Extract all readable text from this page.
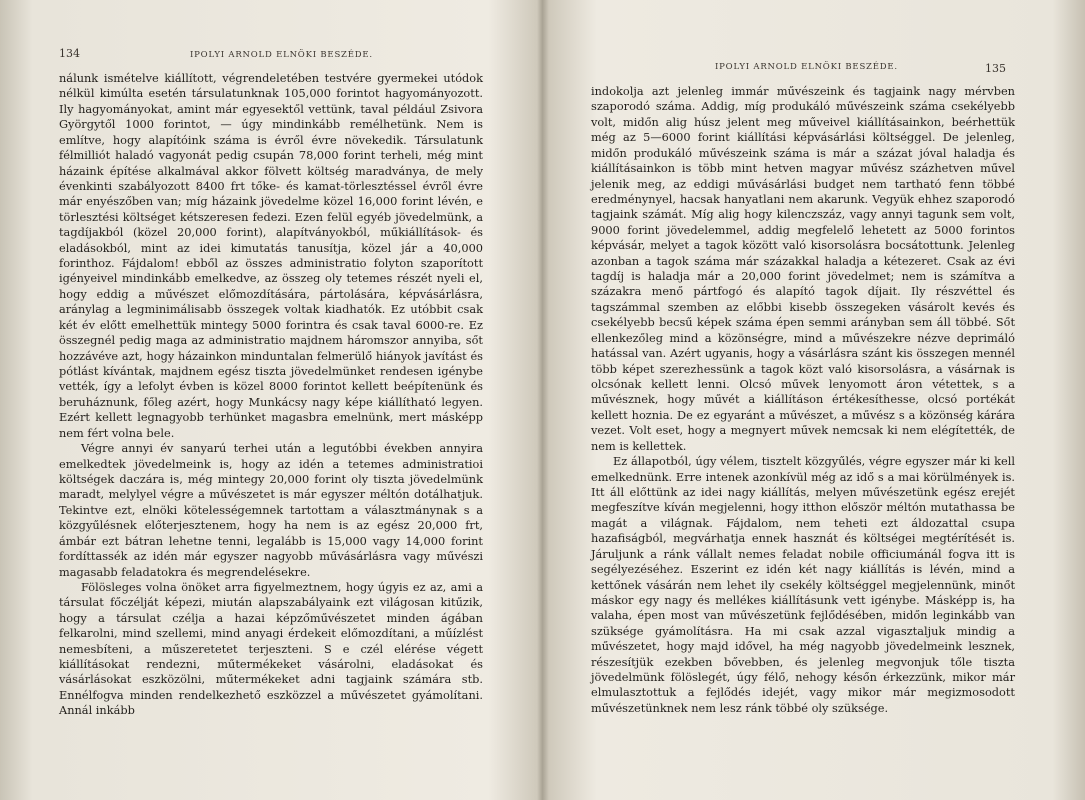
134	IPOLYI ARNOLD ELNÖKI BESZÉDE.

nálunk ismételve kiállított, végrendeletében testvére gyermekei utódok nélkül kimúlta esetén társulatunknak 105,000 forintot hagyományozott. Ily hagyományokat, amint már egyesektől vettünk, taval például Zsivora Györgytől 1000 forintot, — úgy mindinkább remélhetünk. Nem is említve, hogy alapítóink száma is évről évre növekedik. Társulatunk félmilliót haladó vagyonát pedig csupán 78,000 forint terheli, még mint házaink építése alkalmával akkor fölvett költség maradványa, de mely évenkinti szabályozott 8400 frt tőke- és kamat-törlesztéssel évről évre már enyészőben van; míg házaink jövedelme közel 16,000 forint lévén, e törlesztési költséget kétszeresen fedezi. Ezen felül egyéb jövedelmünk, a tagdíjakból (közel 20,000 forint), alapítványokból, műkiállítások- és eladásokból, mint az idei kimutatás tanusítja, közel jár a 40,000 forinthoz. Fájdalom! ebből az összes administratio folyton szaporított igényeivel mindinkább emelkedve, az összeg oly tetemes részét nyeli el, hogy eddig a művészet előmozdítására, pártolására, képvásárlásra, aránylag a legminimálisabb összegek voltak kiadhatók. Ez utóbbit csak két év előtt emelhettük mintegy 5000 forintra és csak taval 6000-re. Ez összegnél pedig maga az administratio majdnem háromszor annyiba, sőt hozzávéve azt, hogy házainkon minduntalan felmerülő hiányok javítást és pótlást kívántak, majdnem egész tiszta jövedelmünket rendesen igénybe vették, így a lefolyt évben is közel 8000 forintot kellett beépítenünk és beruháznunk, főleg azért, hogy Munkácsy nagy képe kiállítható legyen. Ezért kellett legnagyobb terhünket magasbra emelnünk, mert másképp nem fért volna bele.

Végre annyi év sanyarú terhei után a legutóbbi években annyira emelkedtek jövedelmeink is, hogy az idén a tetemes administratioi költségek daczára is, még mintegy 20,000 forint oly tiszta jövedelmünk maradt, melylyel végre a művészetet is már egyszer méltón dotálhatjuk. Tekintve ezt, elnöki kötelességemnek tartottam a választmánynak s a közgyűlésnek előterjesztenem, hogy ha nem is az egész 20,000 frt, ámbár ezt bátran lehetne tenni, legalább is 15,000 vagy 14,000 forint fordíttassék az idén már egyszer nagyobb művásárlásra vagy művészi magasabb feladatokra és megrendelésekre.

Fölösleges volna önöket arra figyelmeztnem, hogy úgyis ez az, ami a társulat főczélját képezi, miután alapszabályaink ezt világosan kitűzik, hogy a társulat czélja a hazai képzőművészetet minden ágában felkarolni, mind szellemi, mind anyagi érdekeit előmozdítani, a műízlést nemesbíteni, a műszeretetet terjeszteni. S e czél elérése végett kiállításokat rendezni, műtermékeket vásárolni, eladásokat és vásárlásokat eszközölni, műtermékeket adni tagjaink számára stb. Ennélfogva minden rendelkezhető eszközzel a művészetet gyámolítani. Annál inkább

IPOLYI ARNOLD ELNÖKI BESZÉDE.	135

indokolja azt jelenleg immár művészeink és tagjaink nagy mérvben szaporodó száma. Addig, míg produkáló művészeink száma csekélyebb volt, midőn alig húsz jelent meg műveivel kiállításainkon, beérhettük még az 5—6000 forint kiállítási képvásárlási költséggel. De jelenleg, midőn produkáló művészeink száma is már a százat jóval haladja és kiállításainkon is több mint hetven magyar művész százhetven művel jelenik meg, az eddigi művásárlási budget nem tartható fenn többé eredménynyel, hacsak hanyatlani nem akarunk. Vegyük ehhez szaporodó tagjaink számát. Míg alig hogy kilenczszáz, vagy annyi tagunk sem volt, 9000 forint jövedelemmel, addig megfelelő lehetett az 5000 forintos képvásár, melyet a tagok között való kisorsolásra bocsátottunk. Jelenleg azonban a tagok száma már százakkal haladja a kétezeret. Csak az évi tagdíj is haladja már a 20,000 forint jövedelmet; nem is számítva a százakra menő pártfogó és alapító tagok díjait. Ily részvéttel és tagszámmal szemben az előbbi kisebb összegeken vásárolt kevés és csekélyebb becsű képek száma épen semmi arányban sem áll többé. Sőt ellenkezőleg mind a közönségre, mind a művészekre nézve deprimáló hatással van. Azért ugyanis, hogy a vásárlásra szánt kis összegen mennél több képet szerezhessünk a tagok közt való kisorsolásra, a vásárnak is olcsónak kellett lenni. Olcsó művek lenyomott áron vétettek, s a művésznek, hogy művét a kiállításon értékesíthesse, olcsó portékát kellett hoznia. De ez egyaránt a művészet, a művész s a közönség kárára vezet. Volt eset, hogy a megnyert művek nemcsak ki nem elégítették, de nem is kellettek.

Ez állapotból, úgy vélem, tisztelt közgyűlés, végre egyszer már ki kell emelkednünk. Erre intenek azonkívül még az idő s a mai körülmények is. Itt áll előttünk az idei nagy kiállítás, melyen művészetünk egész erejét megfeszítve kíván megjelenni, hogy itthon először méltón mutathassa be magát a világnak. Fájdalom, nem teheti ezt áldozattal csupa hazafiságból, megvárhatja ennek hasznát és költségei megtérítését is. Járuljunk a ránk vállalt nemes feladat nobile officiumánál fogva itt is segélyezéséhez. Eszerint ez idén két nagy kiállítás is lévén, mind a kettőnek vásárán nem lehet ily csekély költséggel megjelennünk, minőt máskor egy nagy és mellékes kiállításunk vett igénybe. Másképp is, ha valaha, épen most van művészetünk fejlődésében, midőn leginkább van szüksége gyámolításra. Ha mi csak azzal vigasztaljuk mindig a művészetet, hogy majd idővel, ha még nagyobb jövedelmeink lesznek, részesítjük ezekben bővebben, és jelenleg megvonjuk tőle tiszta jövedelmünk fölöslegét, úgy félő, nehogy későn érkezzünk, mikor már elmulasztottuk a fejlődés idejét, vagy mikor már megizmosodott művészetünknek nem lesz ránk többé oly szüksége.
